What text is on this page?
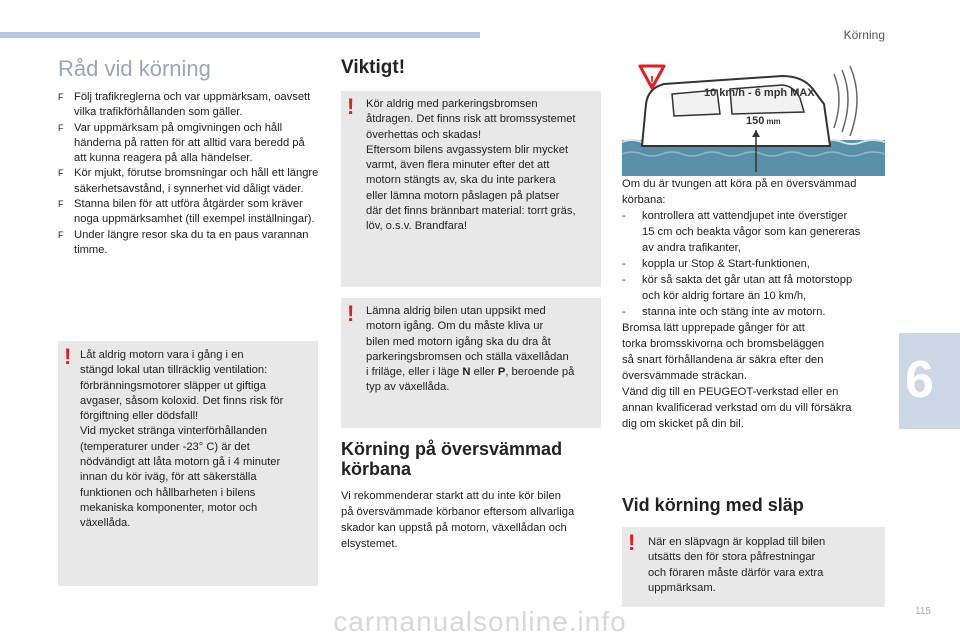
Körning
6
Råd vid körning
F Följ trafikreglerna och var uppmärksam, oavsett vilka trafikförhållanden som gäller.
F Var uppmärksam på omgivningen och håll händerna på ratten för att alltid vara beredd på att kunna reagera på alla händelser.
F Kör mjukt, förutse bromsningar och håll ett längre säkerhetsavstånd, i synnerhet vid dåligt väder.
F Stanna bilen för att utföra åtgärder som kräver noga uppmärksamhet (till exempel inställningar).
F Under längre resor ska du ta en paus varannan timme.
! Låt aldrig motorn vara i gång i en
stängd lokal utan tillräcklig ventilation:
förbränningsmotorer släpper ut giftiga
avgaser, såsom koloxid. Det finns risk för
förgiftning eller dödsfall!
Vid mycket stränga vinterförhållanden
(temperaturer under -23° C) är det
nödvändigt att låta motorn gå i 4 minuter
innan du kör iväg, för att säkerställa
funktionen och hållbarheten i bilens
mekaniska komponenter, motor och
växellåda.
Viktigt!
! Kör aldrig med parkeringsbromsen
åtdragen. Det finns risk att bromssystemet
överhettas och skadas!
Eftersom bilens avgassystem blir mycket
varmt, även flera minuter efter det att
motorn stängts av, ska du inte parkera
eller lämna motorn påslagen på platser
där det finns brännbart material: torrt gräs,
löv, o.s.v. Brandfara!
! Lämna aldrig bilen utan uppsikt med
motorn igång. Om du måste kliva ur
bilen med motorn igång ska du dra åt
parkeringsbromsen och ställa växellådan
i friläge, eller i läge N eller P, beroende på
typ av växellåda.
Körning på översvämmad körbana
Vi rekommenderar starkt att du inte kör bilen
på översvämmade körbanor eftersom allvarliga
skador kan uppstå på motorn, växellådan och
elsystemet.
!
10 km/h - 6 mph MAX
150 mm
Om du är tvungen att köra på en översvämmad
körbana:
- kontrollera att vattendjupet inte överstiger
15 cm och beakta vågor som kan genereras
av andra trafikanter,
- koppla ur Stop & Start-funktionen,
- kör så sakta det går utan att få motorstopp
och kör aldrig fortare än 10 km/h,
- stanna inte och stäng inte av motorn.
Bromsa lätt upprepade gånger för att
torka bromsskivorna och bromsbeläggen
så snart förhållandena är säkra efter den
översvämmade sträckan.
Vänd dig till en PEUGEOT-verkstad eller en
annan kvalificerad verkstad om du vill försäkra
dig om skicket på din bil.
Vid körning med släp
! När en släpvagn är kopplad till bilen
utsätts den för stora påfrestningar
och föraren måste därför vara extra
uppmärksam.
carmanualsonline.info	115
